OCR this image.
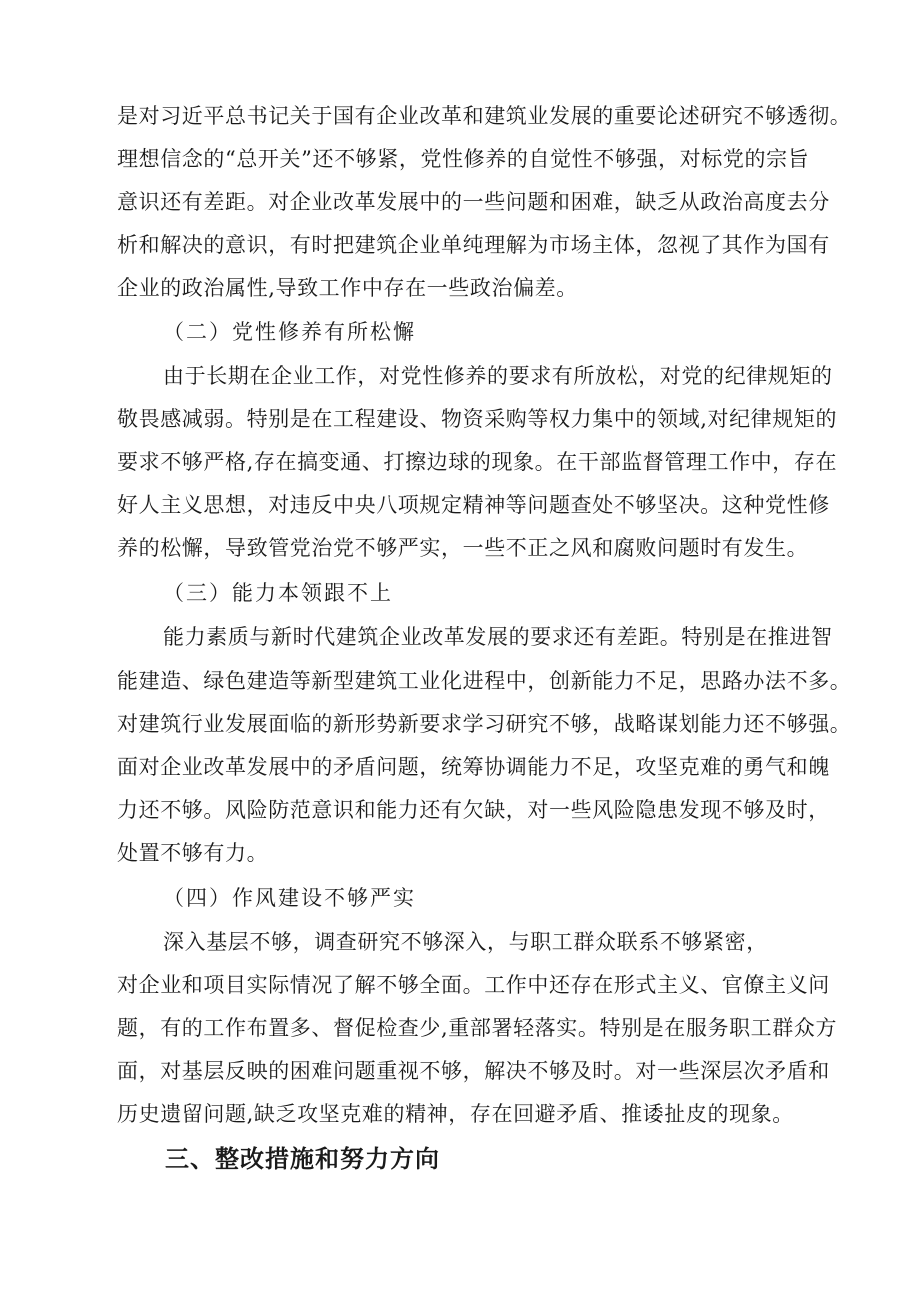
是对习近平总书记关于国有企业改革和建筑业发展的重要论述研究不够透彻。
理想信念的“总开关”还不够紧，党性修养的自觉性不够强，对标党的宗旨
意识还有差距。对企业改革发展中的一些问题和困难，缺乏从政治高度去分
析和解决的意识，有时把建筑企业单纯理解为市场主体，忽视了其作为国有
企业的政治属性,导致工作中存在一些政治偏差。
（二）党性修养有所松懈
由于长期在企业工作，对党性修养的要求有所放松，对党的纪律规矩的
敬畏感减弱。特别是在工程建设、物资采购等权力集中的领域,对纪律规矩的
要求不够严格,存在搞变通、打擦边球的现象。在干部监督管理工作中，存在
好人主义思想，对违反中央八项规定精神等问题查处不够坚决。这种党性修
养的松懈，导致管党治党不够严实，一些不正之风和腐败问题时有发生。
（三）能力本领跟不上
能力素质与新时代建筑企业改革发展的要求还有差距。特别是在推进智
能建造、绿色建造等新型建筑工业化进程中，创新能力不足，思路办法不多。
对建筑行业发展面临的新形势新要求学习研究不够，战略谋划能力还不够强。
面对企业改革发展中的矛盾问题，统筹协调能力不足，攻坚克难的勇气和魄
力还不够。风险防范意识和能力还有欠缺，对一些风险隐患发现不够及时，
处置不够有力。
（四）作风建设不够严实
深入基层不够，调查研究不够深入，与职工群众联系不够紧密，
对企业和项目实际情况了解不够全面。工作中还存在形式主义、官僚主义问
题，有的工作布置多、督促检查少,重部署轻落实。特别是在服务职工群众方
面，对基层反映的困难问题重视不够，解决不够及时。对一些深层次矛盾和
历史遗留问题,缺乏攻坚克难的精神，存在回避矛盾、推诿扯皮的现象。
三、整改措施和努力方向
